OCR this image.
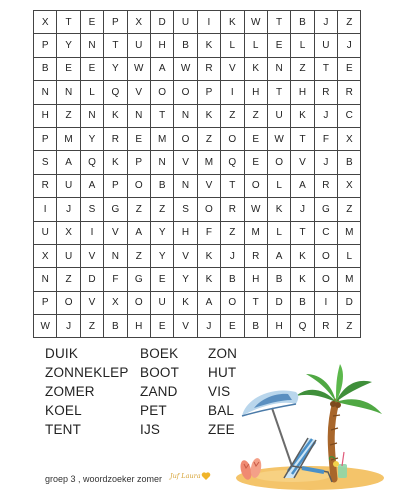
X	T	E	P	X	D	U	I	K	W	T	B	J	Z
P	Y	N	T	U	H	B	K	L	L	E	L	U	J
B	E	E	Y	W	A	W	R	V	K	N	Z	T	E
N	N	L	Q	V	O	O	P	I	H	T	H	R	R
H	Z	N	K	N	T	N	K	Z	Z	U	K	J	C
P	M	Y	R	E	M	O	Z	O	E	W	T	F	X
S	A	Q	K	P	N	V	M	Q	E	O	V	J	B
R	U	A	P	O	B	N	V	T	O	L	A	R	X
I	J	S	G	Z	Z	S	O	R	W	K	J	G	Z
U	X	I	V	A	Y	H	F	Z	M	L	T	C	M
X	U	V	N	Z	Y	V	K	J	R	A	K	O	L
N	Z	D	F	G	E	Y	K	B	H	B	K	O	M
P	O	V	X	O	U	K	A	O	T	D	B	I	D
W	J	Z	B	H	E	V	J	E	B	H	Q	R	Z
DUIK	BOEK	ZON
ZONNEKLEP BOOT	HUT
ZOMER	ZAND	VIS
KOEL	PET	BAL
TENT	IJS	ZEE
groep 3 , woordzoeker zomer Juf Laura
